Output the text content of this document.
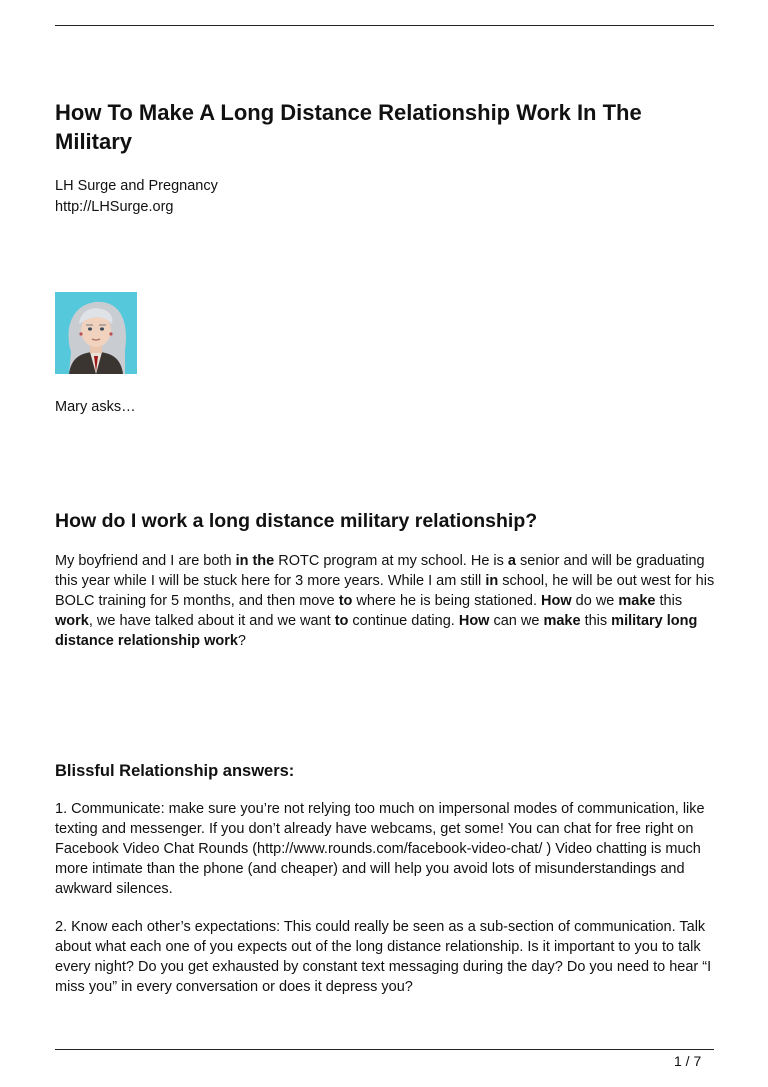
How To Make A Long Distance Relationship Work In The Military
LH Surge and Pregnancy
http://LHSurge.org
Mary asks…
How do I work a long distance military relationship?

My boyfriend and I are both in the ROTC program at my school. He is a senior and will be graduating this year while I will be stuck here for 3 more years. While I am still in school, he will be out west for his BOLC training for 5 months, and then move to where he is being stationed. How do we make this work, we have talked about it and we want to continue dating. How can we make this military long distance relationship work?

Blissful Relationship answers:

1. Communicate: make sure you’re not relying too much on impersonal modes of communication, like texting and messenger. If you don’t already have webcams, get some! You can chat for free right on Facebook Video Chat Rounds (http://www.rounds.com/facebook-video-chat/ ) Video chatting is much more intimate than the phone (and cheaper) and will help you avoid lots of misunderstandings and awkward silences.

2. Know each other’s expectations: This could really be seen as a sub-section of communication. Talk about what each one of you expects out of the long distance relationship. Is it important to you to talk every night? Do you get exhausted by constant text messaging during the day? Do you need to hear “I miss you” in every conversation or does it depress you?

1 / 7
